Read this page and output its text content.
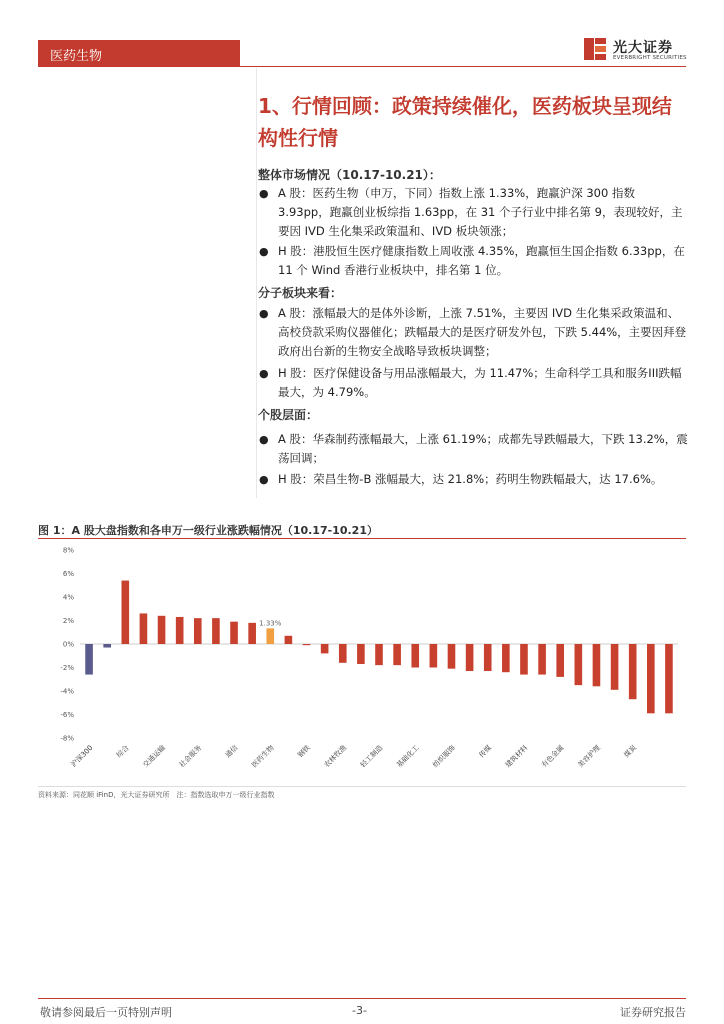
医药生物
光大证券
EVERBRIGHT SECURITIES
1、行情回顾：政策持续催化，医药板块呈现结构性行情
整体市场情况（10.17-10.21）：
● A 股：医药生物（申万，下同）指数上涨 1.33%，跑赢沪深 300 指数 3.93pp，跑赢创业板综指 1.63pp，在 31 个子行业中排名第 9，表现较好，主要因 IVD 生化集采政策温和、IVD 板块领涨；
● H 股：港股恒生医疗健康指数上周收涨 4.35%，跑赢恒生国企指数 6.33pp，在 11 个 Wind 香港行业板块中，排名第 1 位。
分子板块来看：
● A 股：涨幅最大的是体外诊断，上涨 7.51%，主要因 IVD 生化集采政策温和、高校贷款采购仪器催化；跌幅最大的是医疗研发外包，下跌 5.44%，主要因拜登政府出台新的生物安全战略导致板块调整；
● H 股：医疗保健设备与用品涨幅最大，为 11.47%；生命科学工具和服务III跌幅最大，为 4.79%。
个股层面：
● A 股：华森制药涨幅最大，上涨 61.19%；成都先导跌幅最大，下跌 13.2%，震荡回调；
● H 股：荣昌生物-B 涨幅最大，达 21.8%；药明生物跌幅最大，达 17.6%。
图 1：A 股大盘指数和各申万一级行业涨跌幅情况（10.17-10.21）
8%
6%
4%
2%
0%
-2%
-4%
-6%
-8%
1.33%
沪深300	综合 交通运输 社会服务	通信 医药生物	钢铁 农林牧渔 轻工制造 基础化工 纺织服饰	传媒 建筑材料 有色金属 美容护理	煤炭
资料来源：同花顺 iFinD，光大证券研究所　注：指数选取申万一级行业指数
敬请参阅最后一页特别声明	-3-	证券研究报告
